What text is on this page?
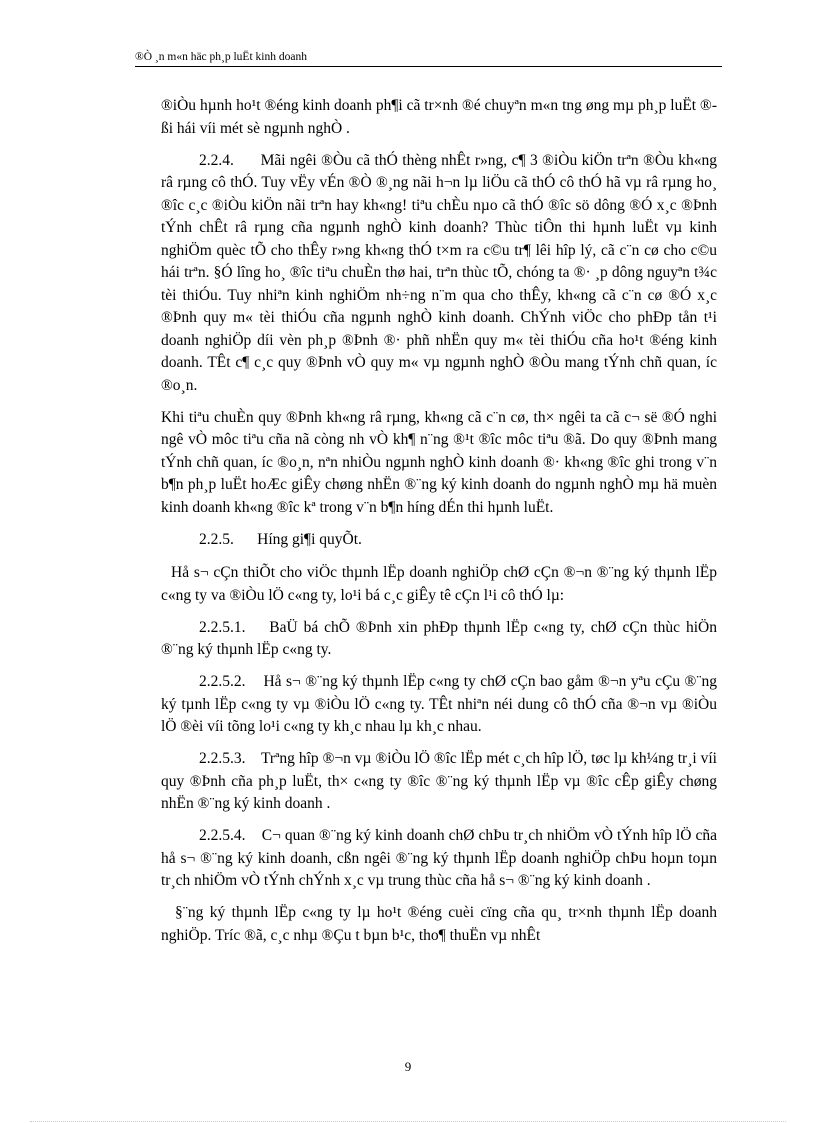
®Ò ¸n m«n häc ph¸p luËt kinh doanh

®iÒu hµnh ho¹t ®éng kinh doanh ph¶i cã tr×nh ®é chuyªn m«n tng øng mµ ph¸p luËt ®ßi hái víi mét sè ngµnh nghÒ .

2.2.4.      Mãi ngêi ®Òu cã thÓ thèng nhÊt r»ng, c¶ 3 ®iÒu kiÖn trªn ®Òu kh«ng râ rµng cô thÓ. Tuy vËy vÉn ®Ò ®¸ng nãi h¬n lµ liÖu cã thÓ cô thÓ hã vµ râ rµng ho¸ ®îc c¸c ®iÒu kiÖn nãi trªn hay kh«ng! tiªu chÈu nµo cã thÓ ®îc sö dông ®Ó x¸c ®Þnh tÝnh chÊt râ rµng cña ngµnh nghÒ kinh doanh? Thùc tiÔn thi hµnh luËt vµ kinh nghiÖm quèc tÕ cho thÊy r»ng kh«ng thÓ t×m ra c©u tr¶ lêi hîp lý, cã c¨n cø cho c©u hái trªn. §Ó lîng ho¸ ®îc tiªu chuÈn thø hai, trªn thùc tÕ, chóng ta ®· ¸p dông nguyªn t¾c tèi thiÓu. Tuy nhiªn kinh nghiÖm nh÷ng n¨m qua cho thÊy, kh«ng cã c¨n cø ®Ó x¸c ®Þnh quy m« tèi thiÓu cña ngµnh nghÒ kinh doanh. ChÝnh viÖc cho phÐp tån t¹i doanh nghiÖp díi vèn ph¸p ®Þnh ®· phñ nhËn quy m« tèi thiÓu cña ho¹t ®éng kinh doanh. TÊt c¶ c¸c quy ®Þnh vÒ quy m« vµ ngµnh nghÒ ®Òu mang tÝnh chñ quan, íc ®o¸n.

Khi tiªu chuÈn quy ®Þnh kh«ng râ rµng, kh«ng cã c¨n cø, th× ngêi ta cã c¬ së ®Ó nghi ngê vÒ môc tiªu cña nã còng nh vÒ kh¶ n¨ng ®¹t ®îc môc tiªu ®ã. Do quy ®Þnh mang tÝnh chñ quan, íc ®o¸n, nªn nhiÒu ngµnh nghÒ kinh doanh ®· kh«ng ®îc ghi trong v¨n b¶n ph¸p luËt hoÆc giÊy chøng nhËn ®¨ng ký kinh doanh do ngµnh nghÒ mµ hä muèn kinh doanh kh«ng ®îc kª trong v¨n b¶n híng dÉn thi hµnh luËt.

2.2.5.      Híng gi¶i quyÕt.

Hå s¬ cÇn thiÕt cho viÖc thµnh lËp doanh nghiÖp chØ cÇn ®¬n ®¨ng ký thµnh lËp c«ng ty va ®iÒu lÖ c«ng ty, lo¹i bá c¸c giÊy tê cÇn l¹i cô thÓ lµ:

2.2.5.1.    BaÜ bá chÕ ®Þnh xin phÐp thµnh lËp c«ng ty, chØ cÇn thùc hiÖn ®¨ng ký thµnh lËp c«ng ty.

2.2.5.2.    Hå s¬ ®¨ng ký thµnh lËp c«ng ty chØ cÇn bao gåm ®¬n yªu cÇu ®¨ng ký tµnh lËp c«ng ty vµ ®iÒu lÖ c«ng ty. TÊt nhiªn néi dung cô thÓ cña ®¬n vµ ®iÒu lÖ ®èi víi tõng lo¹i c«ng ty kh¸c nhau lµ kh¸c nhau.

2.2.5.3.    Trªng hîp ®¬n vµ ®iÒu lÖ ®îc lËp mét c¸ch hîp lÖ, tøc lµ kh¼ng tr¸i víi quy ®Þnh cña ph¸p luËt, th× c«ng ty ®îc ®¨ng ký thµnh lËp vµ ®îc cÊp giÊy chøng nhËn ®¨ng ký kinh doanh .

2.2.5.4.    C¬ quan ®¨ng ký kinh doanh chØ chÞu tr¸ch nhiÖm vÒ tÝnh hîp lÖ cña hå s¬ ®¨ng ký kinh doanh, cßn ngêi ®¨ng ký thµnh lËp doanh nghiÖp chÞu hoµn toµn tr¸ch nhiÖm vÒ tÝnh chÝnh x¸c vµ trung thùc cña hå s¬ ®¨ng ký kinh doanh .

§¨ng ký thµnh lËp c«ng ty lµ ho¹t ®éng cuèi cïng cña qu¸ tr×nh thµnh lËp doanh nghiÖp. Tríc ®ã, c¸c nhµ ®Çu t bµn b¹c, tho¶ thuËn vµ nhÊt

9
